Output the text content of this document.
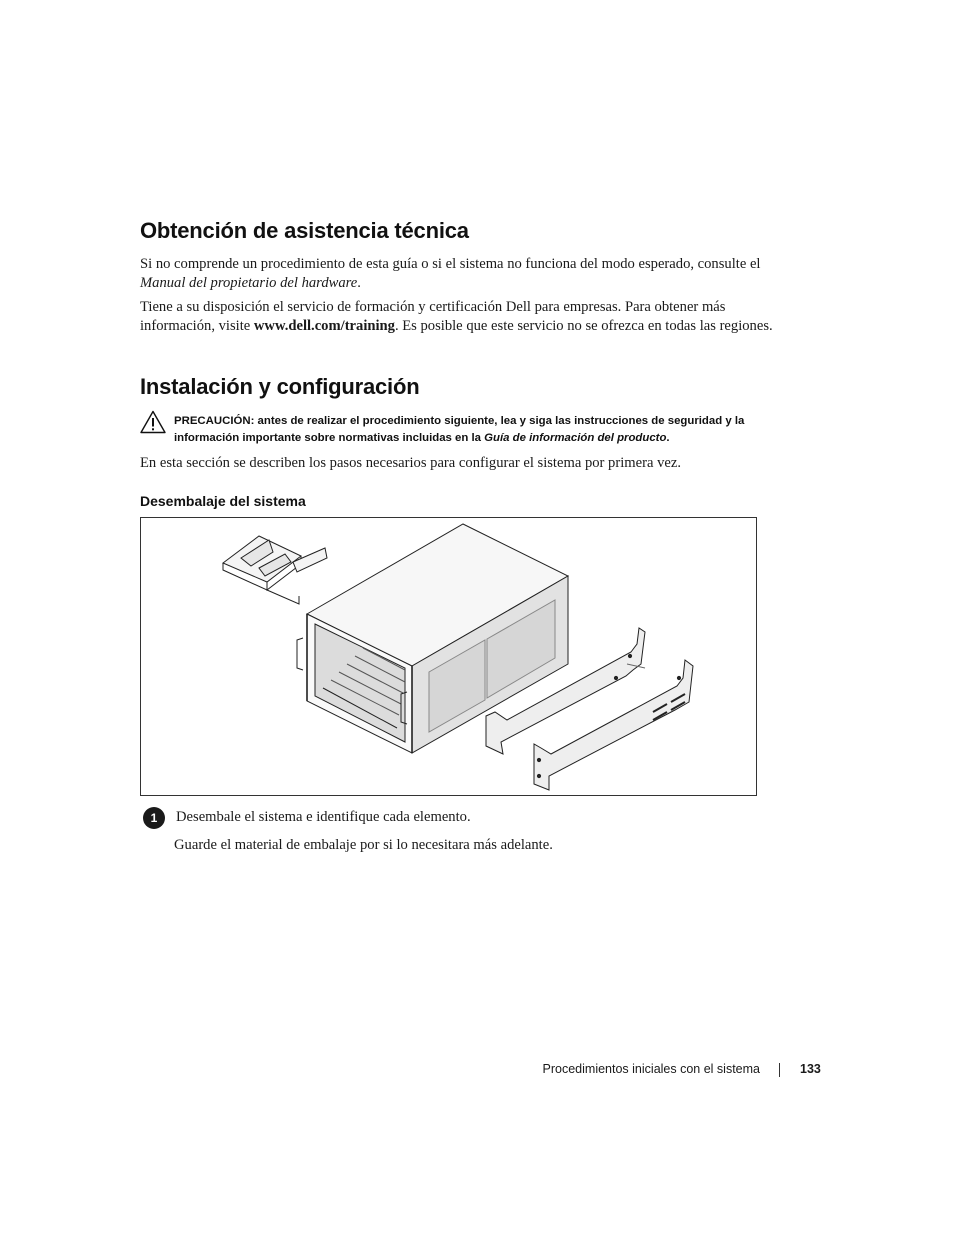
Obtención de asistencia técnica

Si no comprende un procedimiento de esta guía o si el sistema no funciona del modo esperado, consulte el Manual del propietario del hardware.

Tiene a su disposición el servicio de formación y certificación Dell para empresas. Para obtener más información, visite www.dell.com/training. Es posible que este servicio no se ofrezca en todas las regiones.

Instalación y configuración
PRECAUCIÓN: antes de realizar el procedimiento siguiente, lea y siga las instrucciones de seguridad y la información importante sobre normativas incluidas en la Guía de información del producto.

En esta sección se describen los pasos necesarios para configurar el sistema por primera vez.

Desembalaje del sistema
1	Desembale el sistema e identifique cada elemento.

Guarde el material de embalaje por si lo necesitara más adelante.

Procedimientos iniciales con el sistema	133
